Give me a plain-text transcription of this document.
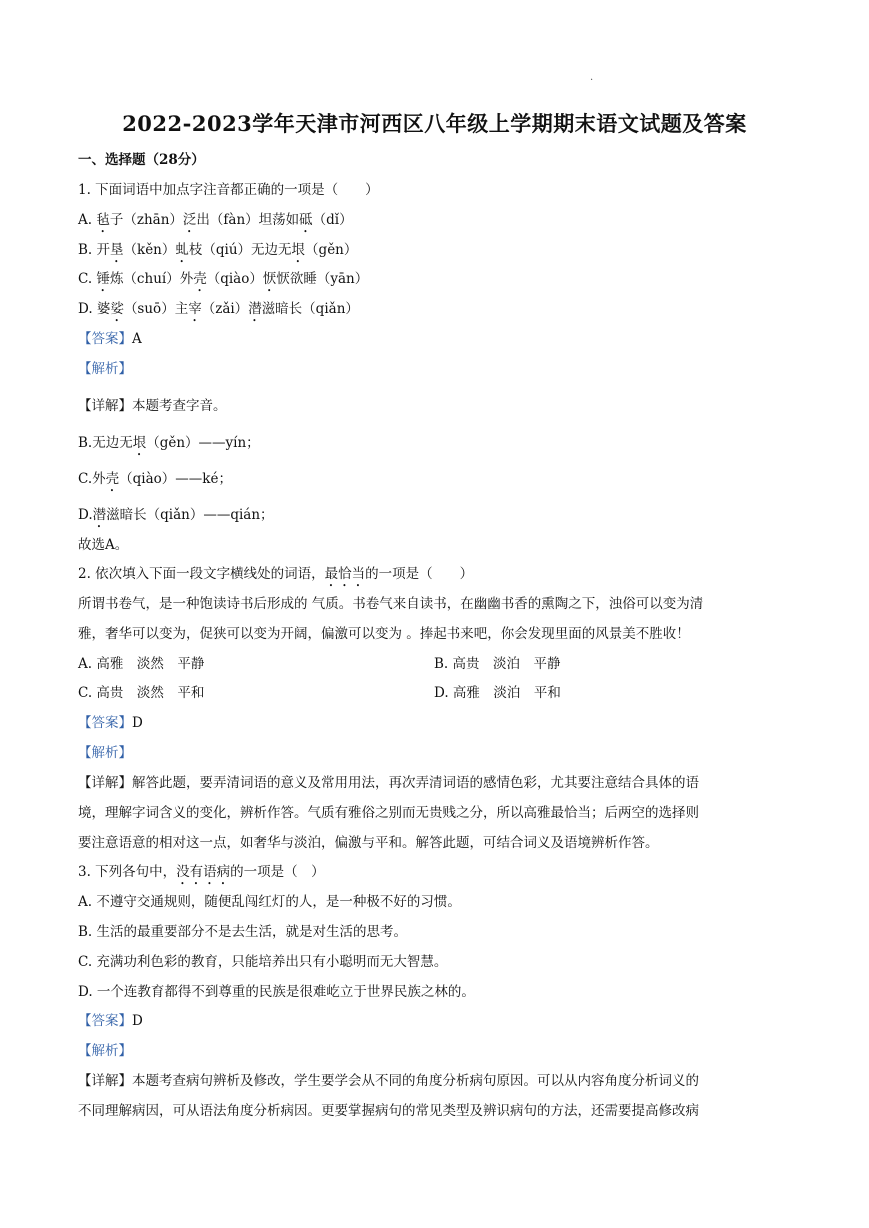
.
2022-2023学年天津市河西区八年级上学期期末语文试题及答案
一、选择题（28分）
1. 下面词语中加点字注音都正确的一项是（　　）
A. 毡子（zhān）泛出（fàn）坦荡如砥（dǐ）
B. 开垦（kěn）虬枝（qiú）无边无垠（gěn）
C. 锤炼（chuí）外壳（qiào）恹恹欲睡（yān）
D. 婆娑（suō）主宰（zǎi）潜滋暗长（qiǎn）
【答案】A
【解析】
【详解】本题考查字音。
B.无边无垠（gěn）——yín；
C.外壳（qiào）——ké；
D.潜滋暗长（qiǎn）——qián；
故选A。
2. 依次填入下面一段文字横线处的词语，最恰当的一项是（　　）
所谓书卷气，是一种饱读诗书后形成的 气质。书卷气来自读书，在幽幽书香的熏陶之下，浊俗可以变为清
雅，奢华可以变为，促狭可以变为开阔，偏激可以变为 。捧起书来吧，你会发现里面的风景美不胜收！
A. 高雅　淡然　平静	B. 高贵　淡泊　平静
C. 高贵　淡然　平和	D. 高雅　淡泊　平和
【答案】D
【解析】
【详解】解答此题，要弄清词语的意义及常用用法，再次弄清词语的感情色彩，尤其要注意结合具体的语
境，理解字词含义的变化，辨析作答。气质有雅俗之别而无贵贱之分，所以高雅最恰当；后两空的选择则
要注意语意的相对这一点，如奢华与淡泊，偏激与平和。解答此题，可结合词义及语境辨析作答。
3. 下列各句中，没有语病的一项是（　）
A. 不遵守交通规则，随便乱闯红灯的人，是一种极不好的习惯。
B. 生活的最重要部分不是去生活，就是对生活的思考。
C. 充满功利色彩的教育，只能培养出只有小聪明而无大智慧。
D. 一个连教育都得不到尊重的民族是很难屹立于世界民族之林的。
【答案】D
【解析】
【详解】本题考查病句辨析及修改，学生要学会从不同的角度分析病句原因。可以从内容角度分析词义的
不同理解病因，可从语法角度分析病因。更要掌握病句的常见类型及辨识病句的方法，还需要提高修改病
